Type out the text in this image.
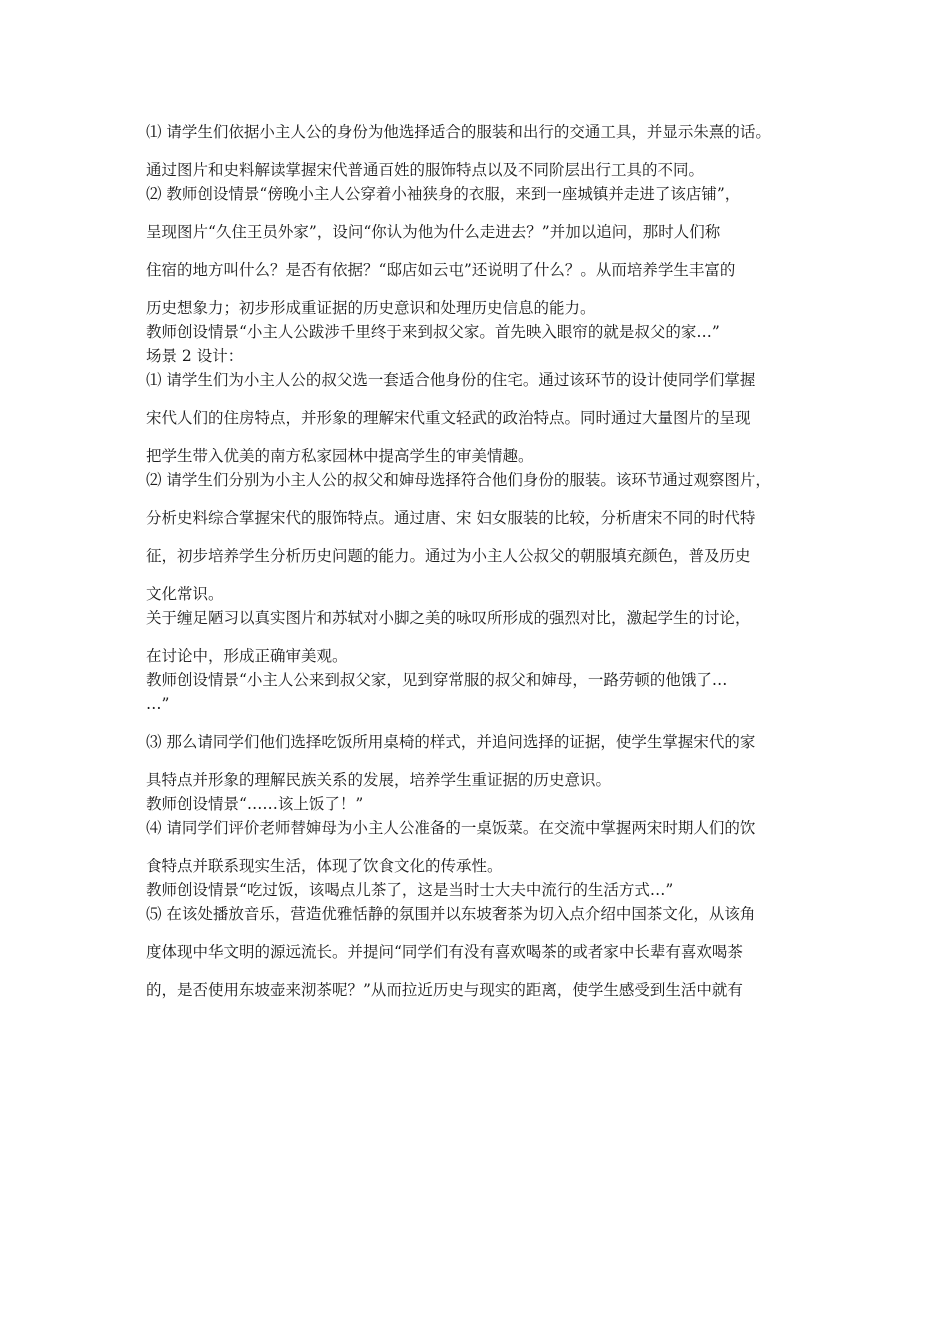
⑴ 请学生们依据小主人公的身份为他选择适合的服装和出行的交通工具，并显示朱熹的话。
通过图片和史料解读掌握宋代普通百姓的服饰特点以及不同阶层出行工具的不同。
⑵ 教师创设情景“傍晚小主人公穿着小袖狭身的衣服，来到一座城镇并走进了该店铺”，
呈现图片“久住王员外家”，设问“你认为他为什么走进去？”并加以追问，那时人们称
住宿的地方叫什么？是否有依据？“邸店如云屯”还说明了什么？。从而培养学生丰富的
历史想象力；初步形成重证据的历史意识和处理历史信息的能力。
教师创设情景“小主人公跋涉千里终于来到叔父家。首先映入眼帘的就是叔父的家…”
场景 2 设计：
⑴ 请学生们为小主人公的叔父选一套适合他身份的住宅。通过该环节的设计使同学们掌握
宋代人们的住房特点，并形象的理解宋代重文轻武的政治特点。同时通过大量图片的呈现
把学生带入优美的南方私家园林中提高学生的审美情趣。
⑵ 请学生们分别为小主人公的叔父和婶母选择符合他们身份的服装。该环节通过观察图片，
分析史料综合掌握宋代的服饰特点。通过唐、宋 妇女服装的比较，分析唐宋不同的时代特
征，初步培养学生分析历史问题的能力。通过为小主人公叔父的朝服填充颜色，普及历史
文化常识。
关于缠足陋习以真实图片和苏轼对小脚之美的咏叹所形成的强烈对比，激起学生的讨论，
在讨论中，形成正确审美观。
教师创设情景“小主人公来到叔父家，见到穿常服的叔父和婶母，一路劳顿的他饿了…
…”
⑶ 那么请同学们他们选择吃饭所用桌椅的样式，并追问选择的证据，使学生掌握宋代的家
具特点并形象的理解民族关系的发展，培养学生重证据的历史意识。
教师创设情景“……该上饭了！”
⑷ 请同学们评价老师替婶母为小主人公准备的一桌饭菜。在交流中掌握两宋时期人们的饮
食特点并联系现实生活，体现了饮食文化的传承性。
教师创设情景“吃过饭，该喝点儿茶了，这是当时士大夫中流行的生活方式…”
⑸ 在该处播放音乐，营造优雅恬静的氛围并以东坡奢茶为切入点介绍中国茶文化，从该角
度体现中华文明的源远流长。并提问“同学们有没有喜欢喝茶的或者家中长辈有喜欢喝茶
的，是否使用东坡壶来沏茶呢？”从而拉近历史与现实的距离，使学生感受到生活中就有
